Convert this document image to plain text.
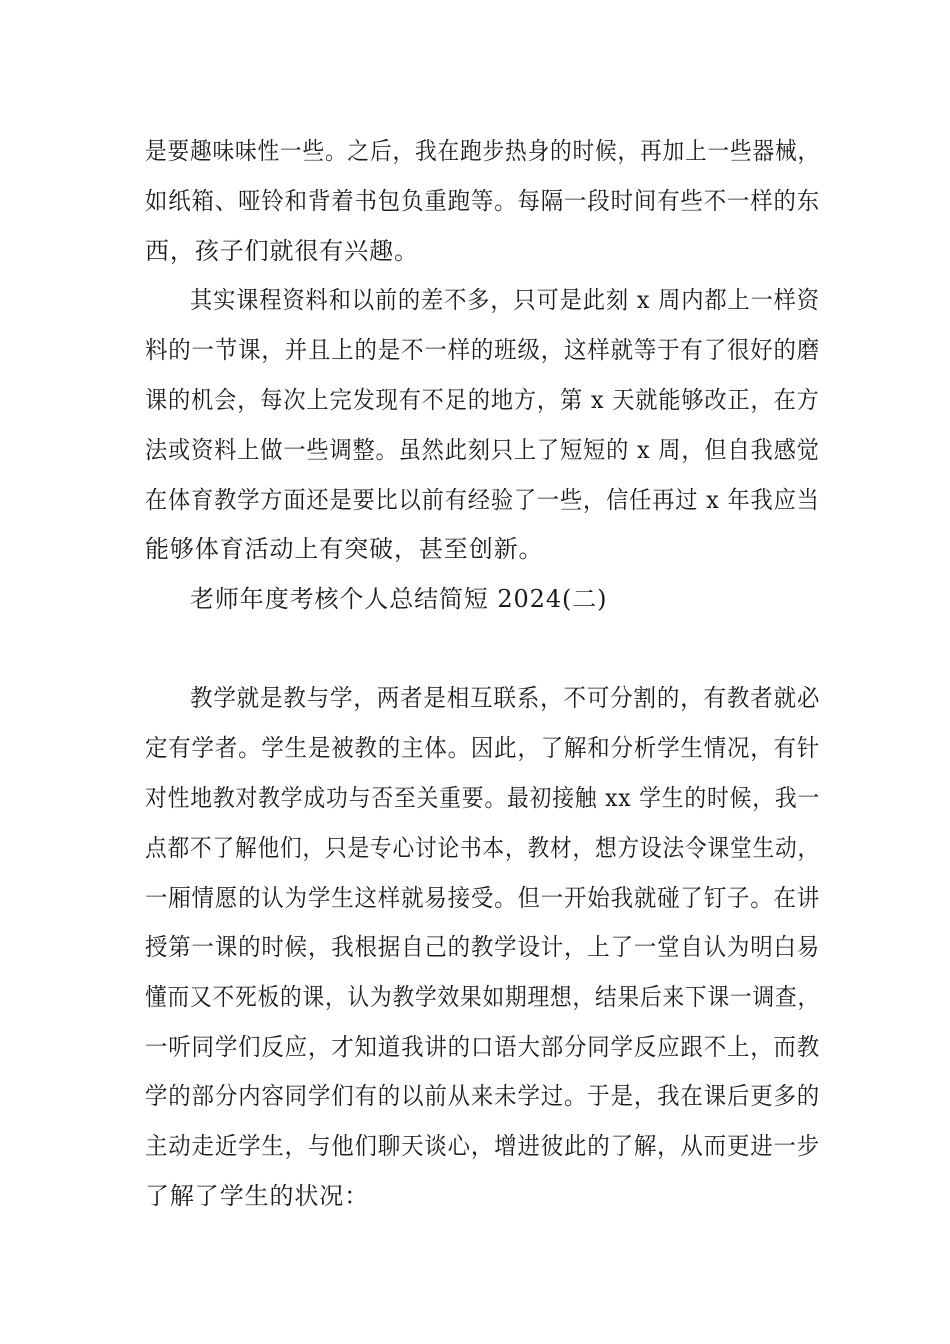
是要趣味味性一些。之后，我在跑步热身的时候，再加上一些器械，
如纸箱、哑铃和背着书包负重跑等。每隔一段时间有些不一样的东
西，孩子们就很有兴趣。
其实课程资料和以前的差不多，只可是此刻 x 周内都上一样资
料的一节课，并且上的是不一样的班级，这样就等于有了很好的磨
课的机会，每次上完发现有不足的地方，第 x 天就能够改正，在方
法或资料上做一些调整。虽然此刻只上了短短的 x 周，但自我感觉
在体育教学方面还是要比以前有经验了一些，信任再过 x 年我应当
能够体育活动上有突破，甚至创新。
老师年度考核个人总结简短 2024(二)
教学就是教与学，两者是相互联系，不可分割的，有教者就必
定有学者。学生是被教的主体。因此，了解和分析学生情况，有针
对性地教对教学成功与否至关重要。最初接触 xx 学生的时候，我一
点都不了解他们，只是专心讨论书本，教材，想方设法令课堂生动，
一厢情愿的认为学生这样就易接受。但一开始我就碰了钉子。在讲
授第一课的时候，我根据自己的教学设计，上了一堂自认为明白易
懂而又不死板的课，认为教学效果如期理想，结果后来下课一调查，
一听同学们反应，才知道我讲的口语大部分同学反应跟不上，而教
学的部分内容同学们有的以前从来未学过。于是，我在课后更多的
主动走近学生，与他们聊天谈心，增进彼此的了解，从而更进一步
了解了学生的状况：
